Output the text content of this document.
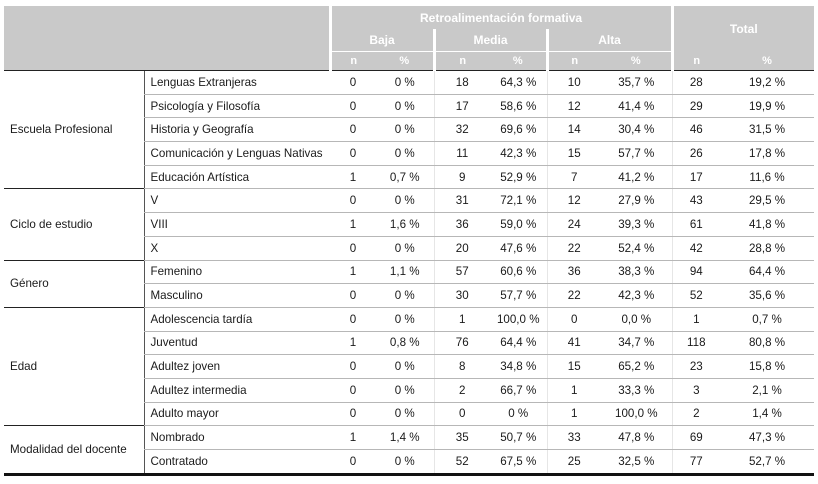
		Retroalimentación formativa						Total	
		Baja		Media		Alta			
		n	%	n	%	n	%	n	%
Escuela Profesional	Lenguas Extranjeras	0	0 %	18	64,3 %	10	35,7 %	28	19,2 %
	Psicología y Filosofía	0	0 %	17	58,6 %	12	41,4 %	29	19,9 %
	Historia y Geografía	0	0 %	32	69,6 %	14	30,4 %	46	31,5 %
	Comunicación y Lenguas Nativas	0	0 %	11	42,3 %	15	57,7 %	26	17,8 %
	Educación Artística	1	0,7 %	9	52,9 %	7	41,2 %	17	11,6 %
Ciclo de estudio	V	0	0 %	31	72,1 %	12	27,9 %	43	29,5 %
	VIII	1	1,6 %	36	59,0 %	24	39,3 %	61	41,8 %
	X	0	0 %	20	47,6 %	22	52,4 %	42	28,8 %
Género	Femenino	1	1,1 %	57	60,6 %	36	38,3 %	94	64,4 %
	Masculino	0	0 %	30	57,7 %	22	42,3 %	52	35,6 %
Edad	Adolescencia tardía	0	0 %	1	100,0 %	0	0,0 %	1	0,7 %
	Juventud	1	0,8 %	76	64,4 %	41	34,7 %	118	80,8 %
	Adultez joven	0	0 %	8	34,8 %	15	65,2 %	23	15,8 %
	Adultez intermedia	0	0 %	2	66,7 %	1	33,3 %	3	2,1 %
	Adulto mayor	0	0 %	0	0 %	1	100,0 %	2	1,4 %
Modalidad del docente	Nombrado	1	1,4 %	35	50,7 %	33	47,8 %	69	47,3 %
	Contratado	0	0 %	52	67,5 %	25	32,5 %	77	52,7 %
